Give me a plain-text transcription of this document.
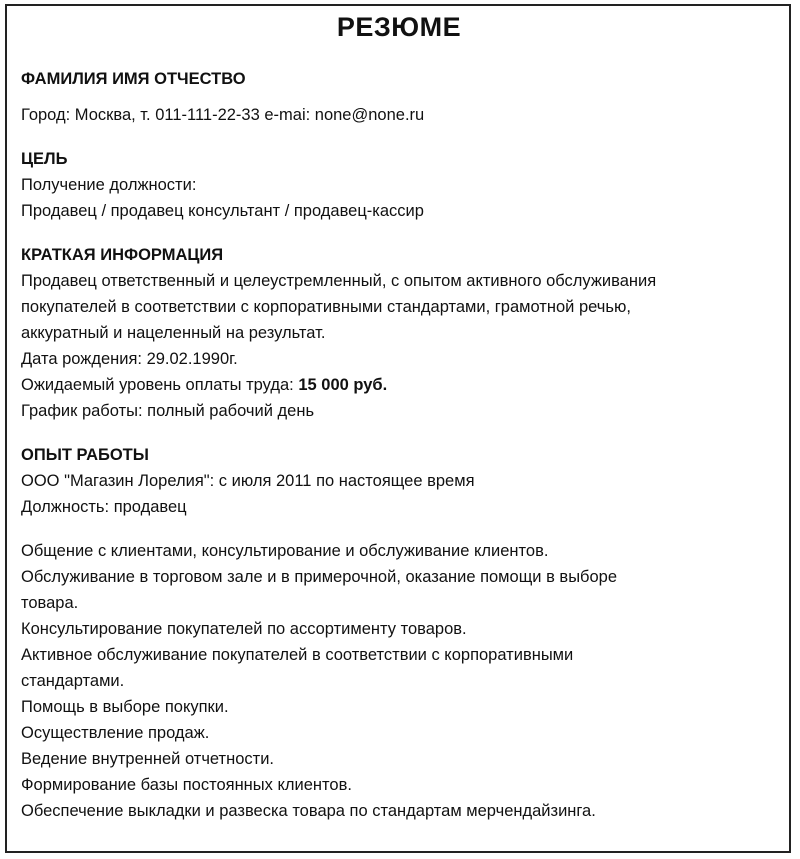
РЕЗЮМЕ
ФАМИЛИЯ ИМЯ ОТЧЕСТВО
Город: Москва, т. 011-111-22-33 e-mai: none@none.ru
ЦЕЛЬ
Получение должности:
Продавец / продавец консультант / продавец-кассир
КРАТКАЯ ИНФОРМАЦИЯ
Продавец ответственный и целеустремленный, с опытом активного обслуживания
покупателей в соответствии с корпоративными стандартами, грамотной речью,
аккуратный и нацеленный на результат.
Дата рождения: 29.02.1990г.
Ожидаемый уровень оплаты труда: 15 000 руб.
График работы: полный рабочий день
ОПЫТ РАБОТЫ
ООО "Магазин Лорелия": с июля 2011 по настоящее время
Должность: продавец
Общение с клиентами, консультирование и обслуживание клиентов.
Обслуживание в торговом зале и в примерочной, оказание помощи в выборе
товара.
Консультирование покупателей по ассортименту товаров.
Активное обслуживание покупателей в соответствии с корпоративными
стандартами.
Помощь в выборе покупки.
Осуществление продаж.
Ведение внутренней отчетности.
Формирование базы постоянных клиентов.
Обеспечение выкладки и развеска товара по стандартам мерчендайзинга.
